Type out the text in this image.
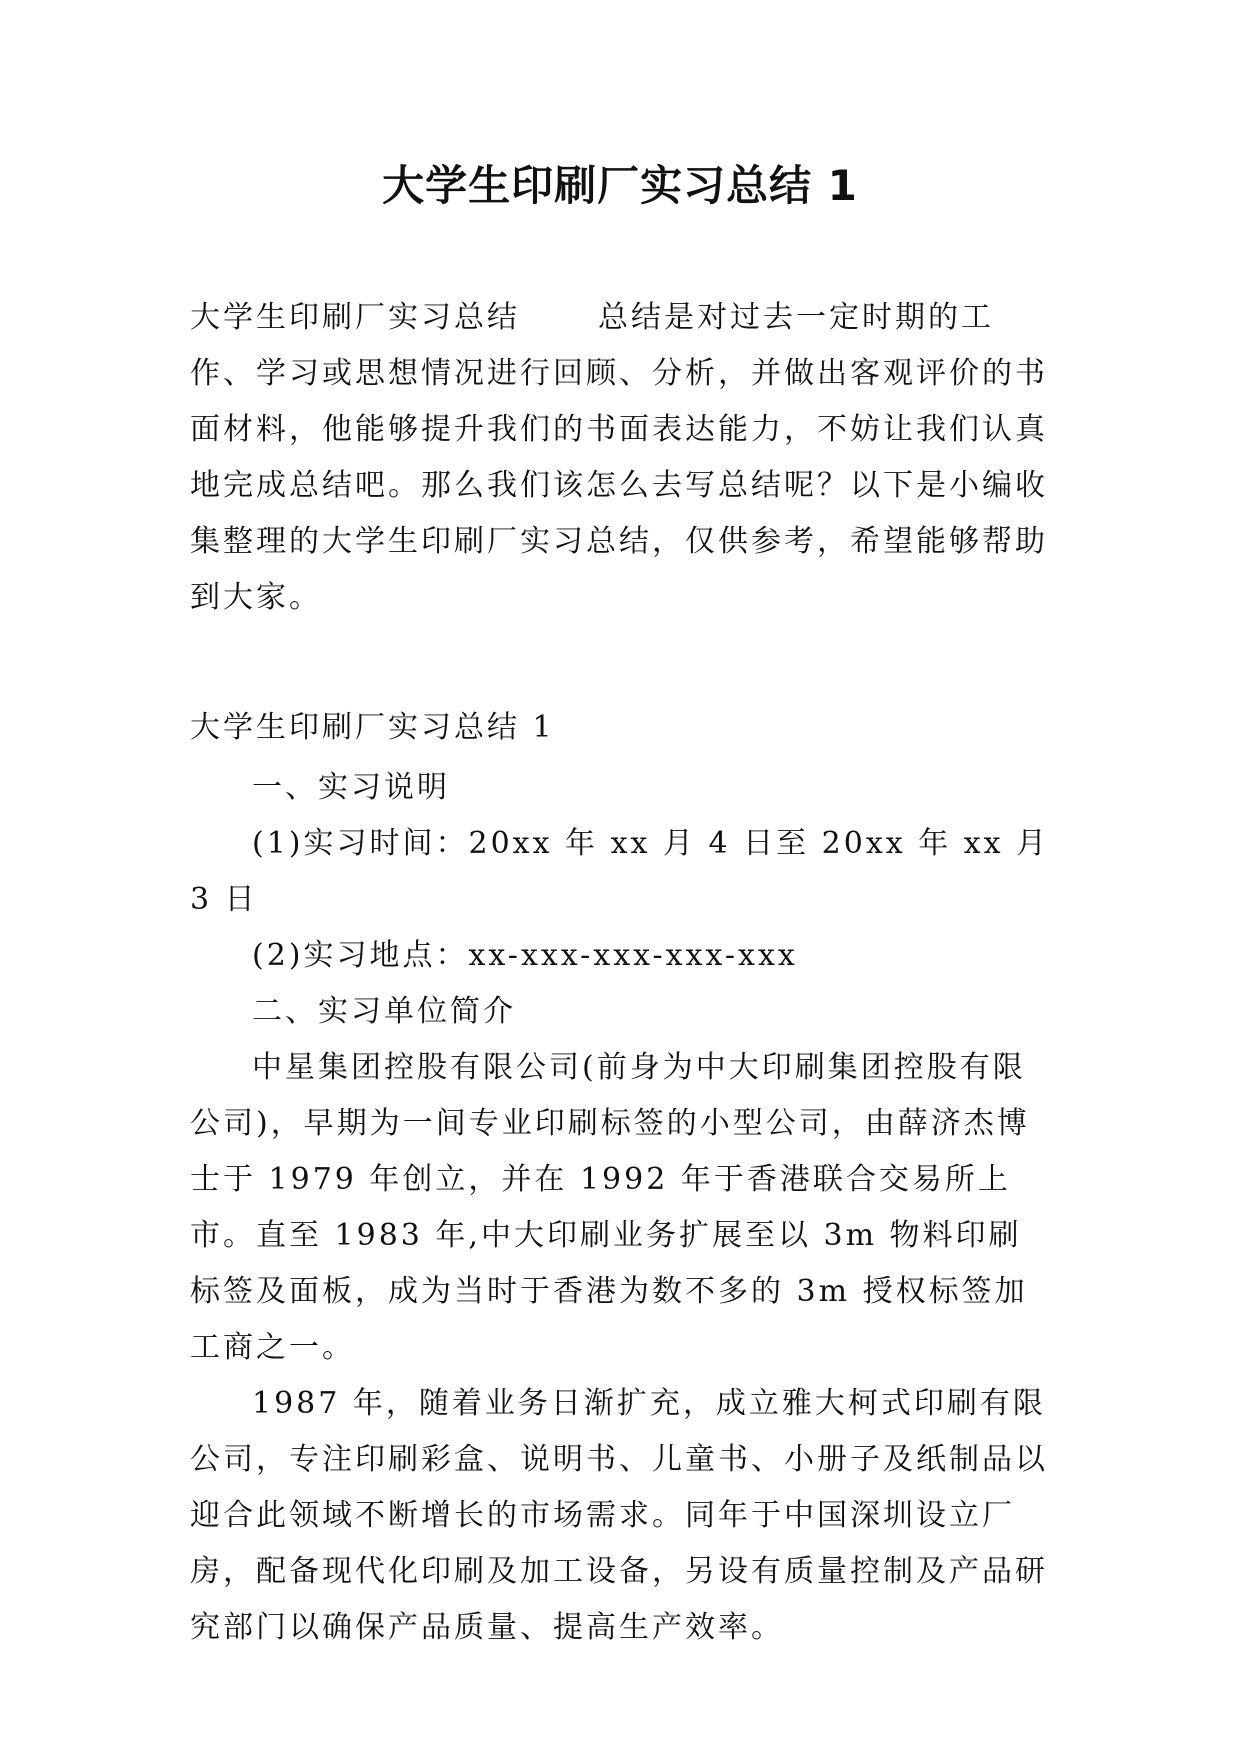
大学生印刷厂实习总结 1

大学生印刷厂实习总结	总结是对过去一定时期的工作、学习或思想情况进行回顾、分析，并做出客观评价的书面材料，他能够提升我们的书面表达能力，不妨让我们认真地完成总结吧。那么我们该怎么去写总结呢？以下是小编收集整理的大学生印刷厂实习总结，仅供参考，希望能够帮助到大家。

大学生印刷厂实习总结 1

一、实习说明

(1)实习时间：20xx 年 xx 月 4 日至 20xx 年 xx 月 3 日

(2)实习地点：xx-xxx-xxx-xxx-xxx

二、实习单位简介

中星集团控股有限公司(前身为中大印刷集团控股有限公司)，早期为一间专业印刷标签的小型公司，由薛济杰博士于 1979 年创立，并在 1992 年于香港联合交易所上市。直至 1983 年,中大印刷业务扩展至以 3m 物料印刷标签及面板，成为当时于香港为数不多的 3m 授权标签加工商之一。

1987 年，随着业务日渐扩充，成立雅大柯式印刷有限公司，专注印刷彩盒、说明书、儿童书、小册子及纸制品以迎合此领域不断增长的市场需求。同年于中国深圳设立厂房，配备现代化印刷及加工设备，另设有质量控制及产品研究部门以确保产品质量、提高生产效率。
